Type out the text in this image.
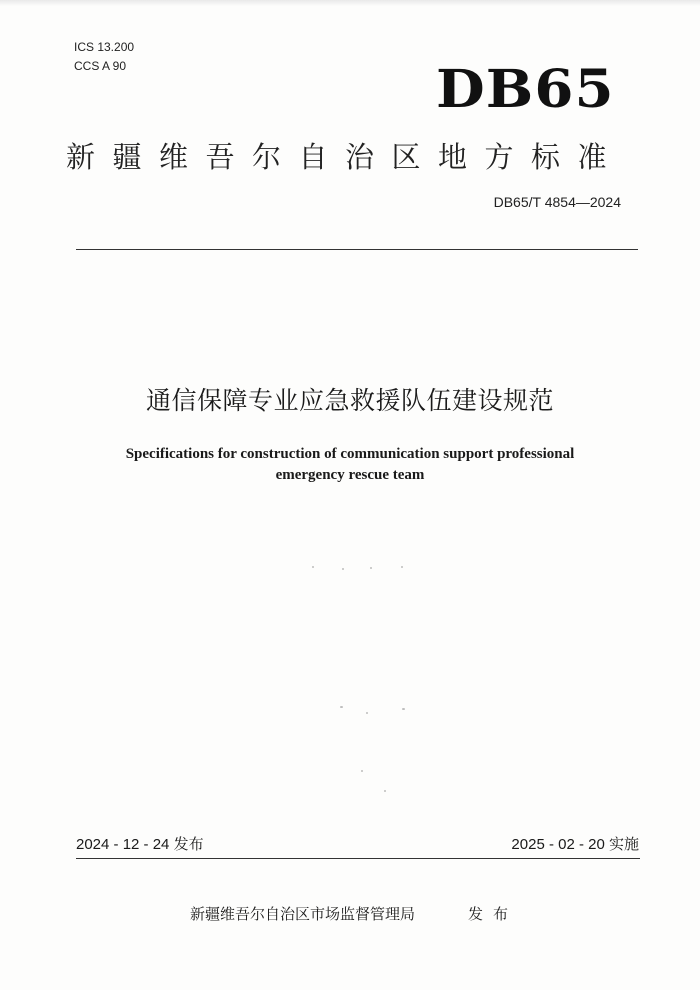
ICS 13.200
CCS A 90	DB65
新疆维吾尔自治区地方标准
DB65/T 4854—2024
通信保障专业应急救援队伍建设规范
Specifications for construction of communication support professional
emergency rescue team
2024 - 12 - 24 发布	2025 - 02 - 20 实施
新疆维吾尔自治区市场监督管理局	发布
